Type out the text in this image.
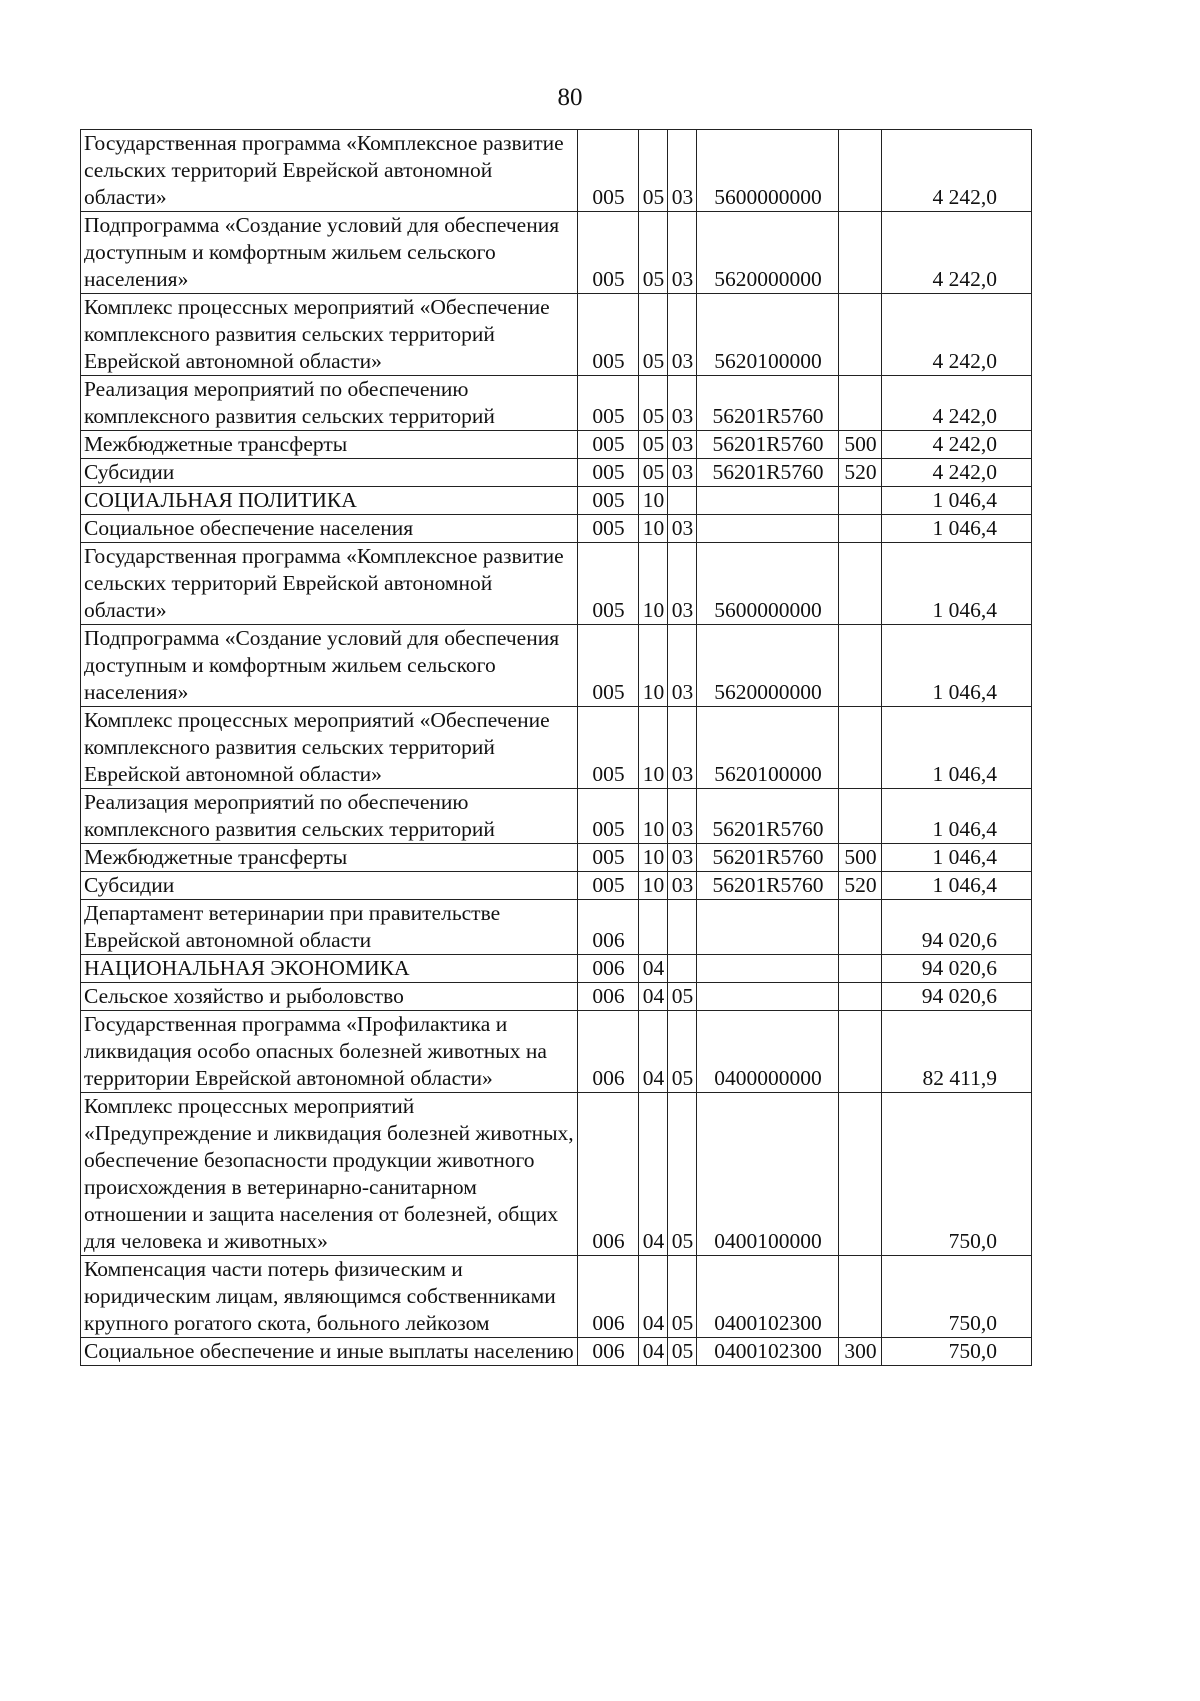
80
Государственная программа «Комплексное развитие сельских территорий Еврейской автономной области»	005	05	03	5600000000		4 242,0
Подпрограмма «Создание условий для обеспечения доступным и комфортным жильем сельского населения»	005	05	03	5620000000		4 242,0
Комплекс процессных мероприятий «Обеспечение комплексного развития сельских территорий Еврейской автономной области»	005	05	03	5620100000		4 242,0
Реализация мероприятий по обеспечению комплексного развития сельских территорий	005	05	03	56201R5760		4 242,0
Межбюджетные трансферты	005	05	03	56201R5760	500	4 242,0
Субсидии	005	05	03	56201R5760	520	4 242,0
СОЦИАЛЬНАЯ ПОЛИТИКА	005	10				1 046,4
Социальное обеспечение населения	005	10	03			1 046,4
Государственная программа «Комплексное развитие сельских территорий Еврейской автономной области»	005	10	03	5600000000		1 046,4
Подпрограмма «Создание условий для обеспечения доступным и комфортным жильем сельского населения»	005	10	03	5620000000		1 046,4
Комплекс процессных мероприятий «Обеспечение комплексного развития сельских территорий Еврейской автономной области»	005	10	03	5620100000		1 046,4
Реализация мероприятий по обеспечению комплексного развития сельских территорий	005	10	03	56201R5760		1 046,4
Межбюджетные трансферты	005	10	03	56201R5760	500	1 046,4
Субсидии	005	10	03	56201R5760	520	1 046,4
Департамент ветеринарии при правительстве Еврейской автономной области	006					94 020,6
НАЦИОНАЛЬНАЯ ЭКОНОМИКА	006	04				94 020,6
Сельское хозяйство и рыболовство	006	04	05			94 020,6
Государственная программа «Профилактика и ликвидация особо опасных болезней животных на территории Еврейской автономной области»	006	04	05	0400000000		82 411,9
Комплекс процессных мероприятий «Предупреждение и ликвидация болезней животных, обеспечение безопасности продукции животного происхождения в ветеринарно-санитарном отношении и защита населения от болезней, общих для человека и животных»	006	04	05	0400100000		750,0
Компенсация части потерь физическим и юридическим лицам, являющимся собственниками крупного рогатого скота, больного лейкозом	006	04	05	0400102300		750,0
Социальное обеспечение и иные выплаты населению	006	04	05	0400102300	300	750,0
